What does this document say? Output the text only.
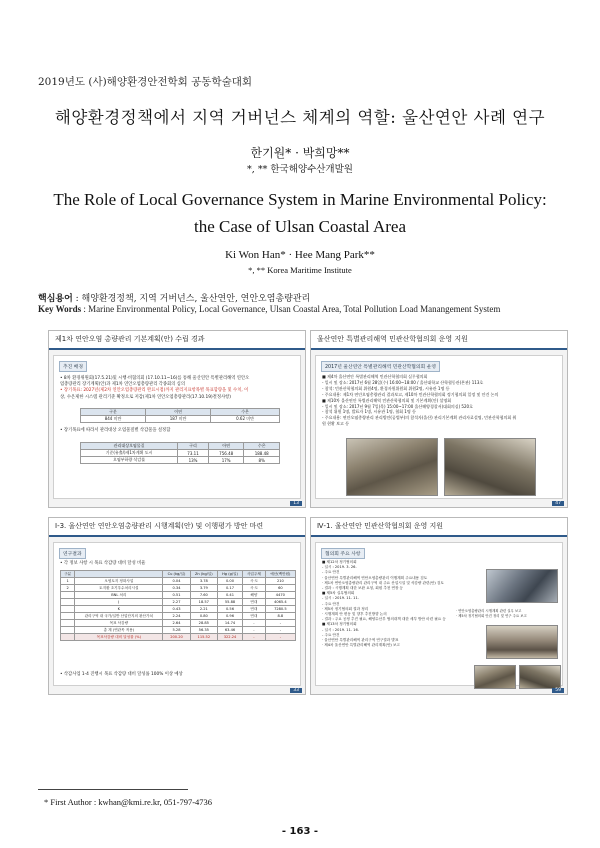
2019년도 (사)해양환경안전학회 공동학술대회
해양환경정책에서 지역 거버넌스 체계의 역할: 울산연안 사례 연구
한기원* · 박희망**
*, ** 한국해양수산개발원
The Role of Local Governance System in Marine Environmental Policy:
the Case of Ulsan Coastal Area
Ki Won Han* · Hee Mang Park**
*, ** Korea Maritime Institute
핵심용어 : 해양환경정책, 지역 거버넌스, 울산연안, 연안오염총량관리
Key Words : Marine Environmental Policy, Local Governance, Ulsan Coastal Area, Total Pollution Load Manangement System
제1차 연안오염 총량관리 기본계획(안) 수립 경과
추진 배경
• 8차 환경위원회(17.5.21)및 시행·비협의회 (17.10.11~16)를 통해 울산연안 특별관리해역 연안오
염총량관리 장기계획(안)과 제1차 연안오염총량관리 각종회의 심의
• 장기목표: 2027년(제2차 연안오염총량관리 완료시점)까지 관리지표항목별 목표함량을 및 수치, 이
상, 수온제한 시스템 관리기준 확정으로 저감(제1차 연안오염총량관리(17.10.19)결정사항)
구분	이연	수온
844 미만	187 미만	0.62 미만
• 장기목표에 따라서 관리대상 오염물질별 삭감물을 설정함
관리대상오염물질	구리	아연	수은
기준(유출/)제1차계획 도시	73.11	756.48	188.48
오염부하량 삭감률	13%	17%	8%
13
울산연안 특별관리해역 민관산학협의회 운영 지원
2017년 울산연안 특별관리해역 민관산학협의회 운영
■ 제4차 울산연안 특별관리해역 민관산학협의회 실무협의회
- 일시 및 장소: 2017년 6월 28일(수) 16:00~18:00 / 울산대학교 산학협동관(본관) 113호
- 참석: 민관산학협의회 위원4명, 환경자원위원회 위원2명, 시유관 1명 등
- 주요내용: 제1차 연안오염총량관리 결과보고, 제10차 민관산학협의회 정기협의회 일정 및 안건 논의
■ 제10차 울산연안 특별관리해역 민관산학협의회 및 기본계획(안) 설명회
- 일시 및 장소: 2017년 9월 7일(목) 15:00~17:00 울산해양경찰서(대회의실) 520호
- 참석 위원 1명, 발표자 1명, 시유관 1명, 협회 1명 등
- 주요내용: 연안오염총량관리 관리방안(공법부)의 참석자(울산) 관리기본계획 관리자료설명, 민관산학협의회 워
원 현황 보고 등
47
Ⅰ-3. 울산연안 연안오염총량관리 시행계획(안) 및 이행평가 방안 마련
연구결과
• 각 정보 사항 시 목표 삭감량 대비 달성 비율
구분		Cu (kg/일)	Zn (kg/일)	Hg (g/일)	사업주체	예산(백만원)
1	오염토지 정화사업	0.04	3.78	0.00	시·도	210
2	토지환 초기우수처리시설	0.34	3.79	0.17	시·도	60
	BNL 처리	0.51	7.60	0.41	해양	4470
	J	2.27	18.57	55.88	연대	4065.4
	K	0.43	2.21	0.56	연대	7280.5
	관리구역 내 국가/일반 산업단지의 완산가치	2.24	0.80	0.96	연대	8.8
	목표 삭감량	2.64	28.85	14.74	-	-
	총 계 (연관목 적용)	5.28	56.35	63.46	-	-
	목표삭감량 대비 달성률 (%)	200.20	115.52	322.24	-	-
• 삭감사업 1-4 진행시 목표 삭감량 대비 달성률 100% 이상 예상
33
Ⅳ-1. 울산연안 민관산학협의회 운영 지원
협의회 주요 사항
■ 제12차 정기협의회
- 일시 : 2019. 3. 26.
- 주요 안건
· 울산연안 특별관리해역 연안오염총량관리 이행계획 주요내용 검토
· 제1차 연안오염총량관리 관리구역 내 주요 산업시설 및 삭감량 관련(안) 검토
- 결과 : 시행계획 대한 보완 요청, 회원 추천 연장 등
■ 제5차 실무협의회
- 일시 : 2019. 11. 11.
- 주요 안건
· 제5차 정기협의회 결과 정리
· 시행계획 안 변동 및 향후 추진방향 논의
- 결과 : 주요 공정 추진 필요, 해양수산부 협의대책 대한 세부 방안 마련 필요 등
■ 제13차 정기협의회
- 일시 : 2019. 11. 16.
- 주요 안건
· 울산연안 특별관리해역 관리구역 연구결과 발표
· 제4차 울산연안 특별관리해역 관리계획(안) 보고
· 연안오염총량관리 시행계획 관련 실무 보고
· 제5차 정기협의회 안건 정리 및 연구 주요 보고
59
* First Author : kwhan@kmi.re.kr, 051-797-4736
- 163 -
